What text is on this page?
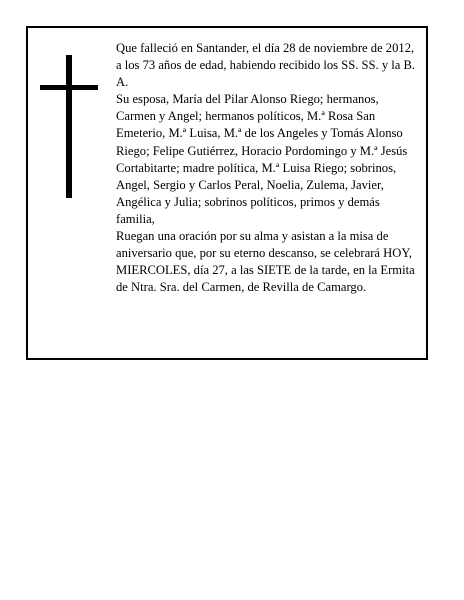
Que falleció en Santander, el día 28 de noviembre de 2012, a los 73 años de edad, habiendo recibido los SS. SS. y la B. A.

Su esposa, María del Pilar Alonso Riego; hermanos, Carmen y Angel; hermanos políticos, M.ª Rosa San Emeterio, M.ª Luisa, M.ª de los Angeles y Tomás Alonso Riego; Felipe Gutiérrez, Horacio Pordomingo y M.ª Jesús Cortabitarte; madre política, M.ª Luisa Riego; sobrinos, Angel, Sergio y Carlos Peral, Noelia, Zulema, Javier, Angélica y Julia; sobrinos políticos, primos y demás familia,

Ruegan una oración por su alma y asistan a la misa de aniversario que, por su eterno descanso, se celebrará HOY, MIERCOLES, día 27, a las SIETE de la tarde, en la Ermita de Ntra. Sra. del Carmen, de Revilla de Camargo.
